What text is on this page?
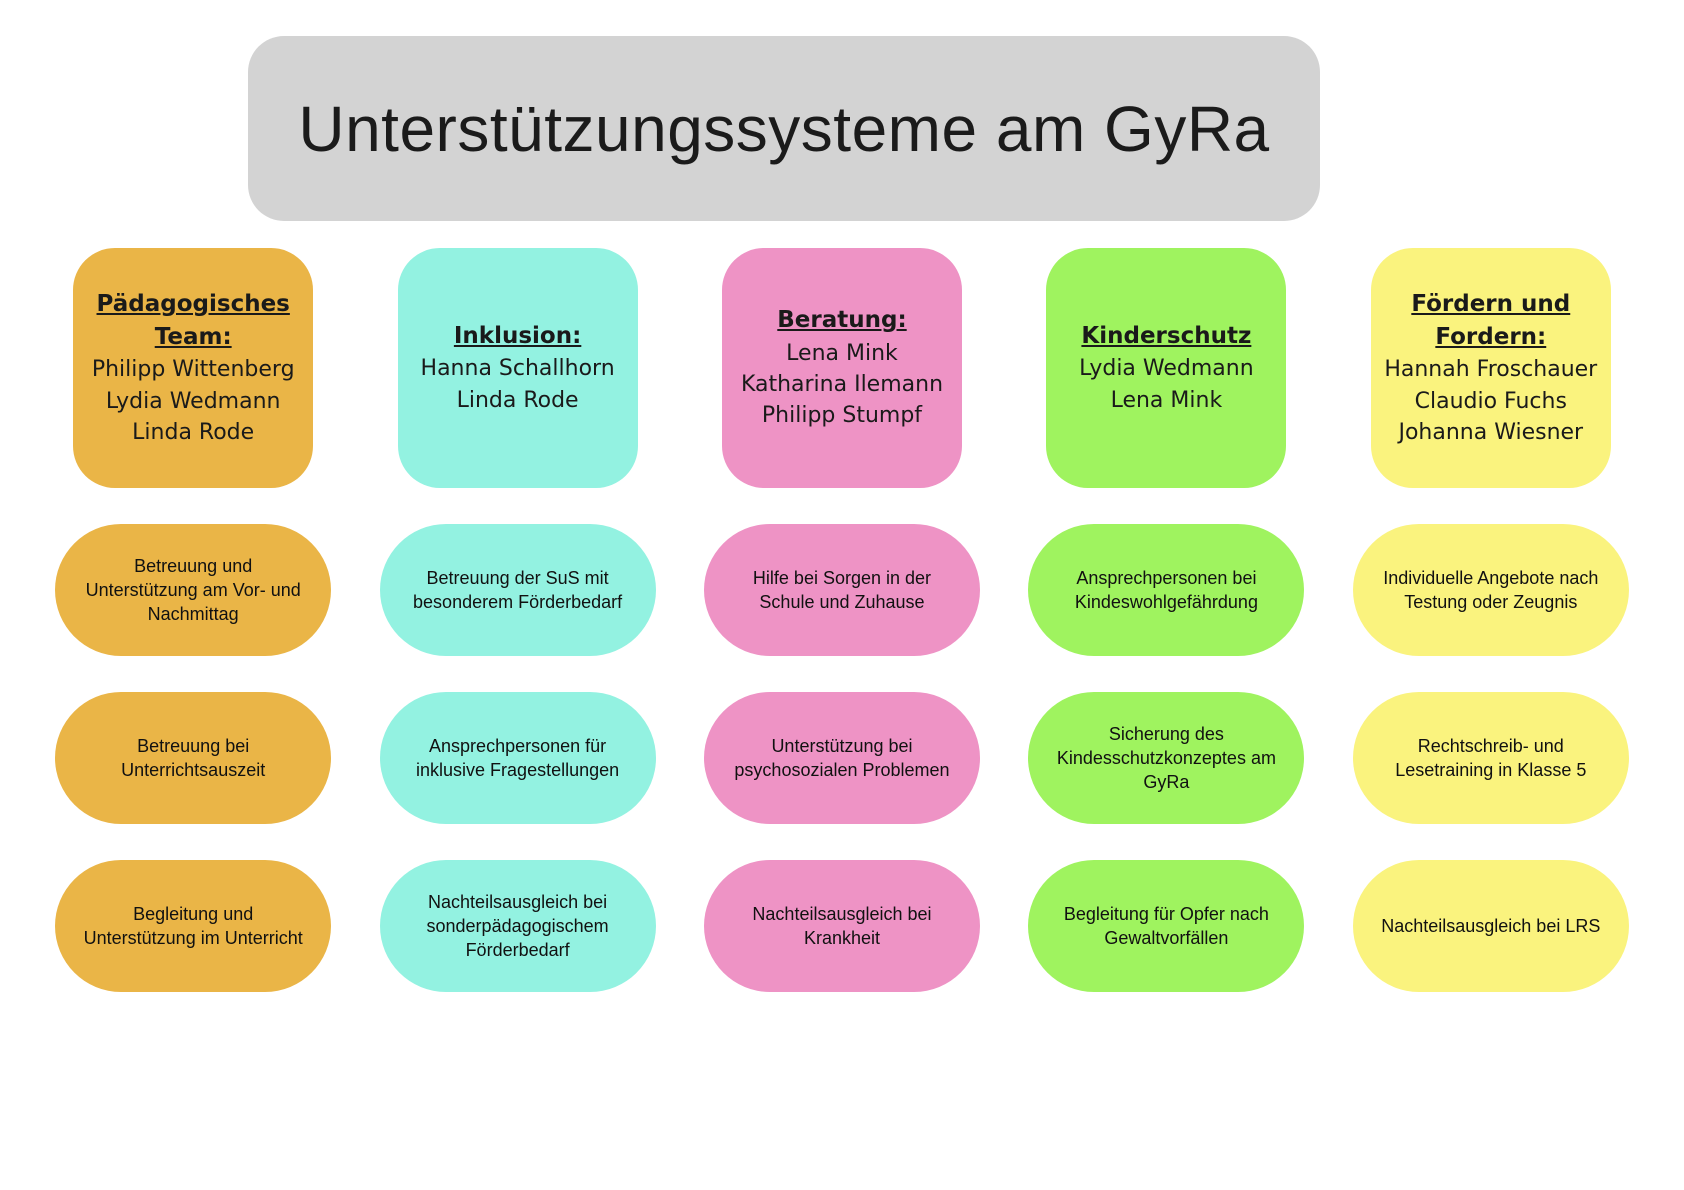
Unterstützungssysteme am GyRa
Pädagogisches Team:
Philipp Wittenberg
Lydia Wedmann
Linda Rode
Betreuung und Unterstützung am Vor- und Nachmittag
Betreuung bei Unterrichtsauszeit
Begleitung und Unterstützung im Unterricht
Inklusion:
Hanna Schallhorn
Linda Rode
Betreuung der SuS mit besonderem Förderbedarf
Ansprechpersonen für inklusive Fragestellungen
Nachteilsausgleich bei sonderpädagogischem Förderbedarf
Beratung:
Lena Mink
Katharina Ilemann
Philipp Stumpf
Hilfe bei Sorgen in der Schule und Zuhause
Unterstützung bei psychosozialen Problemen
Nachteilsausgleich bei Krankheit
Kinderschutz
Lydia Wedmann
Lena Mink
Ansprechpersonen bei Kindeswohlgefährdung
Sicherung des Kindesschutzkonzeptes am GyRa
Begleitung für Opfer nach Gewaltvorfällen
Fördern und Fordern:
Hannah Froschauer
Claudio Fuchs
Johanna Wiesner
Individuelle Angebote nach Testung oder Zeugnis
Rechtschreib- und Lesetraining in Klasse 5
Nachteilsausgleich bei LRS
